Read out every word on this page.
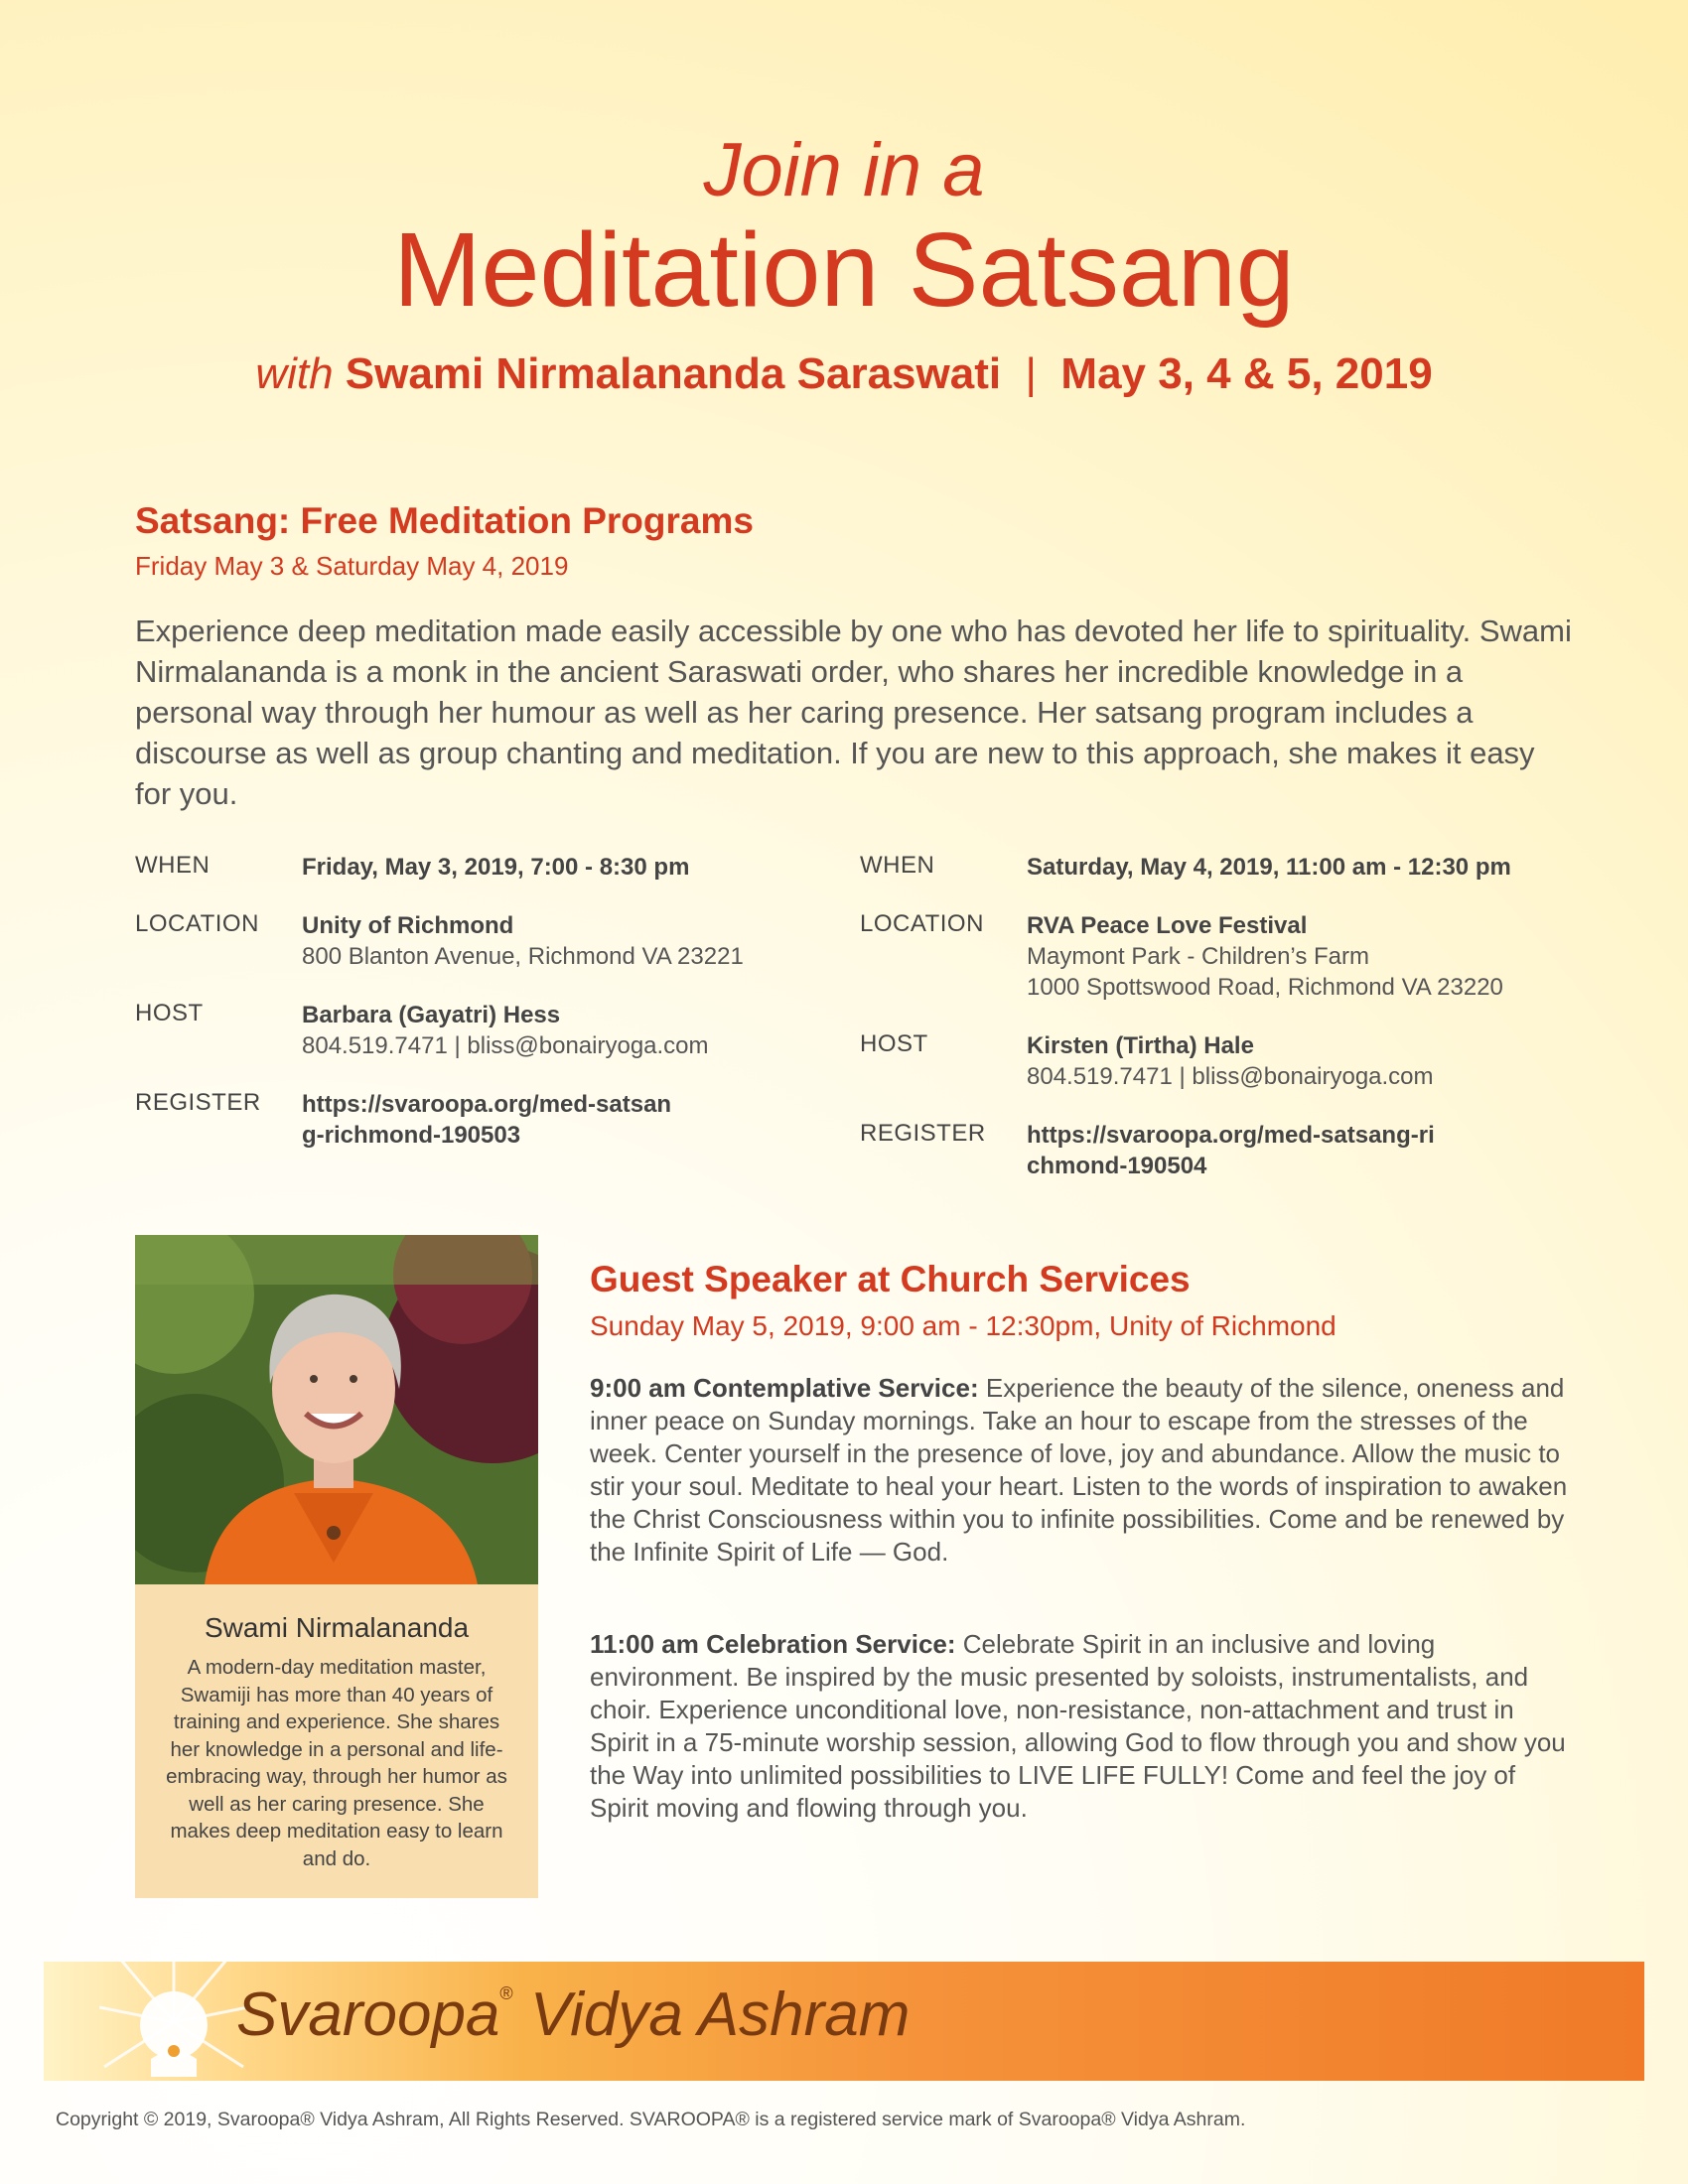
Join in a
Meditation Satsang
with Swami Nirmalananda Saraswati | May 3, 4 & 5, 2019
Satsang: Free Meditation Programs
Friday May 3 & Saturday May 4, 2019
Experience deep meditation made easily accessible by one who has devoted her life to spirituality. Swami Nirmalananda is a monk in the ancient Saraswati order, who shares her incredible knowledge in a personal way through her humour as well as her caring presence. Her satsang program includes a discourse as well as group chanting and meditation. If you are new to this approach, she makes it easy for you.
WHEN	Friday, May 3, 2019, 7:00 - 8:30 pm
LOCATION	Unity of Richmond
800 Blanton Avenue, Richmond VA 23221
HOST	Barbara (Gayatri) Hess
804.519.7471 | bliss@bonairyoga.com
REGISTER	https://svaroopa.org/med-satsang-richmond-190503
WHEN	Saturday, May 4, 2019, 11:00 am - 12:30 pm
LOCATION	RVA Peace Love Festival
Maymont Park - Children’s Farm
1000 Spottswood Road, Richmond VA 23220
HOST	Kirsten (Tirtha) Hale
804.519.7471 | bliss@bonairyoga.com
REGISTER	https://svaroopa.org/med-satsang-richmond-190504
Swami Nirmalananda
A modern-day meditation master, Swamiji has more than 40 years of training and experience. She shares her knowledge in a personal and life-embracing way, through her humor as well as her caring presence. She makes deep meditation easy to learn and do.
Guest Speaker at Church Services
Sunday May 5, 2019, 9:00 am - 12:30pm, Unity of Richmond
9:00 am Contemplative Service: Experience the beauty of the silence, oneness and inner peace on Sunday mornings. Take an hour to escape from the stresses of the week. Center yourself in the presence of love, joy and abundance. Allow the music to stir your soul. Meditate to heal your heart. Listen to the words of inspiration to awaken the Christ Consciousness within you to infinite possibilities. Come and be renewed by the Infinite Spirit of Life — God.
11:00 am Celebration Service: Celebrate Spirit in an inclusive and loving environment. Be inspired by the music presented by soloists, instrumentalists, and choir. Experience unconditional love, non-resistance, non-attachment and trust in Spirit in a 75-minute worship session, allowing God to flow through you and show you the Way into unlimited possibilities to LIVE LIFE FULLY! Come and feel the joy of Spirit moving and flowing through you.
Svaroopa® Vidya Ashram
Copyright © 2019, Svaroopa® Vidya Ashram, All Rights Reserved. SVAROOPA® is a registered service mark of Svaroopa® Vidya Ashram.
